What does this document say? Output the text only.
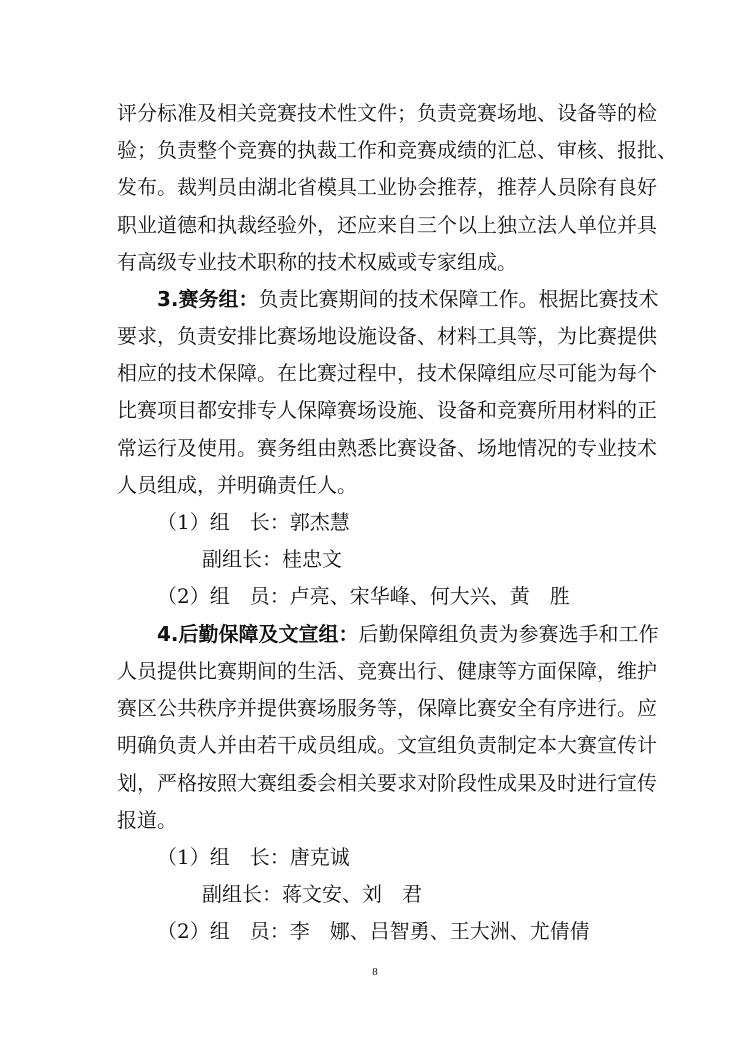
评分标准及相关竞赛技术性文件；负责竞赛场地、设备等的检
验；负责整个竞赛的执裁工作和竞赛成绩的汇总、审核、报批、
发布。裁判员由湖北省模具工业协会推荐，推荐人员除有良好
职业道德和执裁经验外，还应来自三个以上独立法人单位并具
有高级专业技术职称的技术权威或专家组成。
3.赛务组：负责比赛期间的技术保障工作。根据比赛技术
要求，负责安排比赛场地设施设备、材料工具等，为比赛提供
相应的技术保障。在比赛过程中，技术保障组应尽可能为每个
比赛项目都安排专人保障赛场设施、设备和竞赛所用材料的正
常运行及使用。赛务组由熟悉比赛设备、场地情况的专业技术
人员组成，并明确责任人。
（1）组　长：郭杰慧
副组长：桂忠文
（2）组　员：卢亮、宋华峰、何大兴、黄　胜
4.后勤保障及文宣组：后勤保障组负责为参赛选手和工作
人员提供比赛期间的生活、竞赛出行、健康等方面保障，维护
赛区公共秩序并提供赛场服务等，保障比赛安全有序进行。应
明确负责人并由若干成员组成。文宣组负责制定本大赛宣传计
划，严格按照大赛组委会相关要求对阶段性成果及时进行宣传
报道。
（1）组　长：唐克诚
副组长：蒋文安、刘　君
（2）组　员：李　娜、吕智勇、王大洲、尤倩倩
8
